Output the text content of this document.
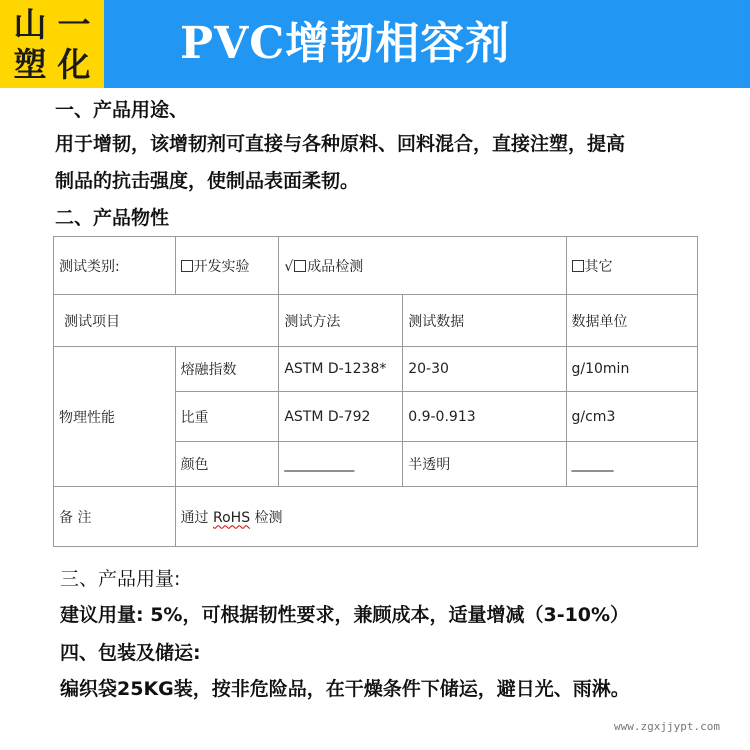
山 一
塑 化 PVC增韧相容剂
一、产品用途、
用于增韧，该增韧剂可直接与各种原料、回料混合，直接注塑，提高
制品的抗击强度，使制品表面柔韧。
二、产品物性
测试类别:	开发实验	√ 成品检测		其它
测试项目		测试方法	测试数据	数据单位
物理性能	熔融指数	ASTM D-1238*	20-30	g/10min
	比重	ASTM D-792	0.9-0.913	g/cm3
	颜色	__________	半透明	______
备 注	通过 RoHS 检测			
三、产品用量:
建议用量: 5%，可根据韧性要求，兼顾成本，适量增减（3-10%）
四、包装及储运:
编织袋25KG装，按非危险品，在干燥条件下储运，避日光、雨淋。
www.zgxjjypt.com
